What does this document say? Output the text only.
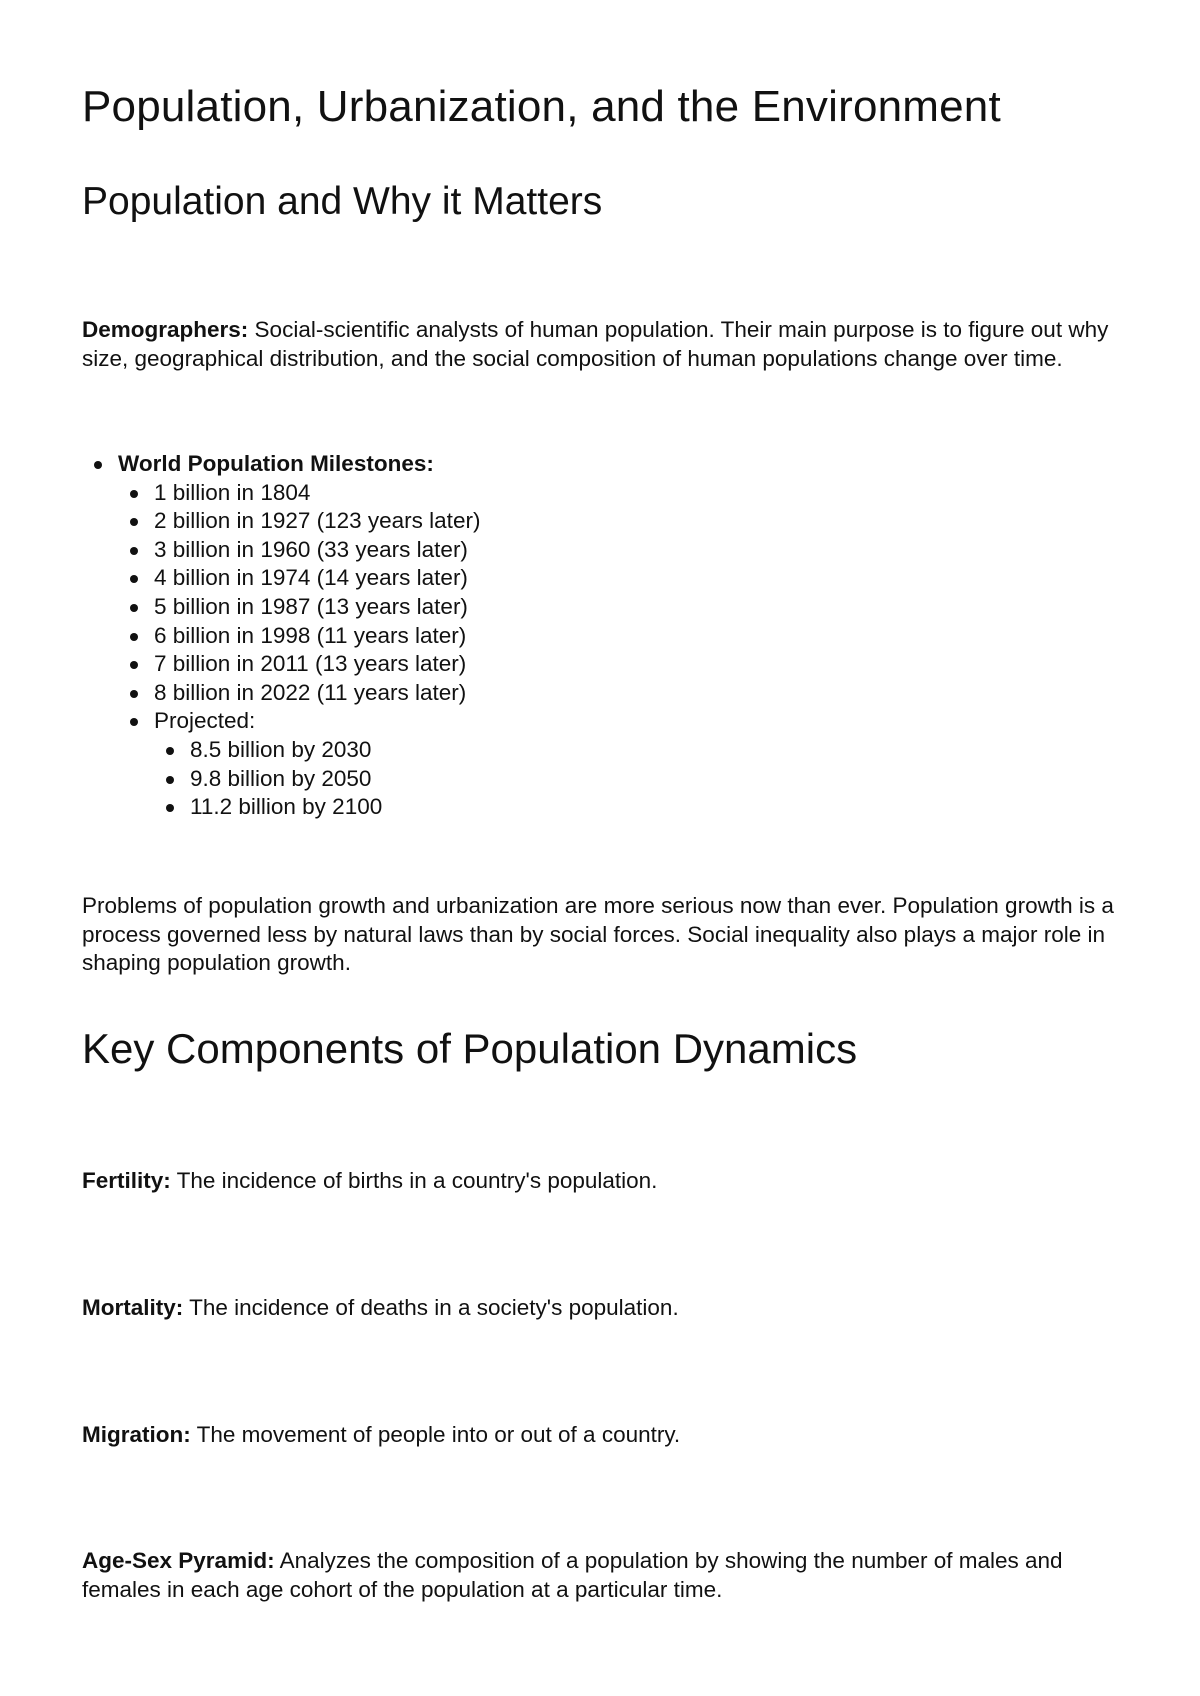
Population, Urbanization, and the Environment
Population and Why it Matters

Demographers: Social-scientific analysts of human population. Their main purpose is to figure out why size, geographical distribution, and the social composition of human populations change over time.

World Population Milestones:
1 billion in 1804
2 billion in 1927 (123 years later)
3 billion in 1960 (33 years later)
4 billion in 1974 (14 years later)
5 billion in 1987 (13 years later)
6 billion in 1998 (11 years later)
7 billion in 2011 (13 years later)
8 billion in 2022 (11 years later)
Projected:
8.5 billion by 2030
9.8 billion by 2050
11.2 billion by 2100

Problems of population growth and urbanization are more serious now than ever. Population growth is a process governed less by natural laws than by social forces. Social inequality also plays a major role in shaping population growth.

Key Components of Population Dynamics

Fertility: The incidence of births in a country's population.

Mortality: The incidence of deaths in a society's population.

Migration: The movement of people into or out of a country.

Age-Sex Pyramid: Analyzes the composition of a population by showing the number of males and females in each age cohort of the population at a particular time.
